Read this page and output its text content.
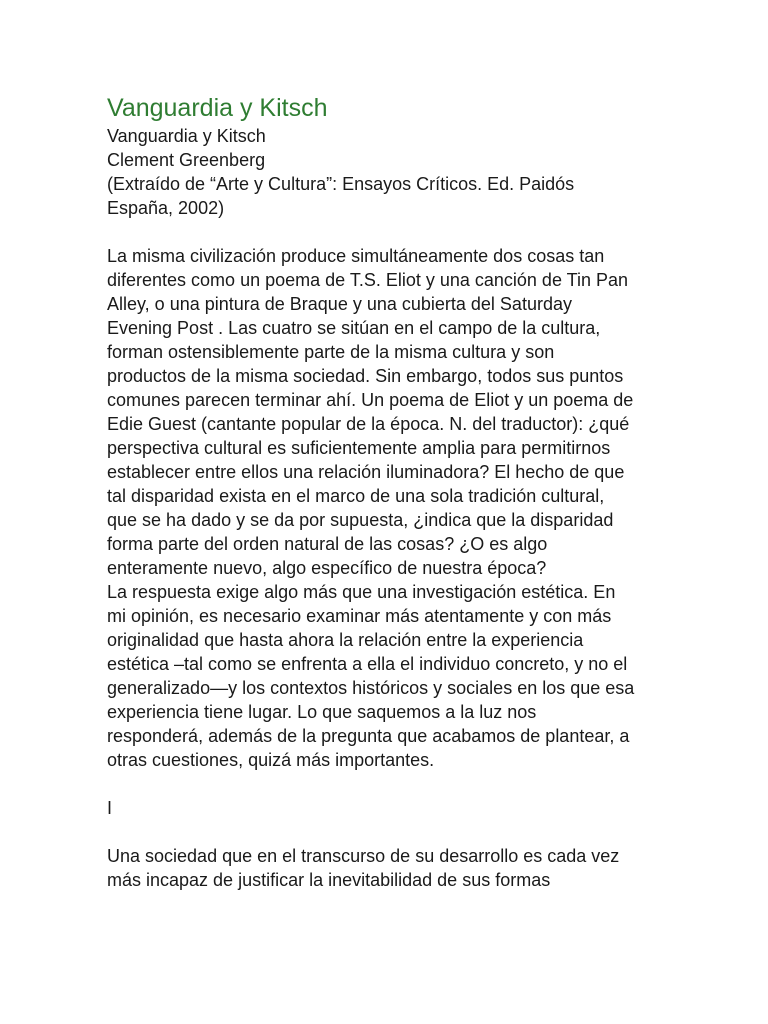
Vanguardia y Kitsch

Vanguardia y Kitsch

Clement Greenberg

(Extraído de “Arte y Cultura”: Ensayos Críticos. Ed. Paidós

España, 2002)

La misma civilización produce simultáneamente dos cosas tan

diferentes como un poema de T.S. Eliot y una canción de Tin Pan

Alley, o una pintura de Braque y una cubierta del Saturday

Evening Post . Las cuatro se sitúan en el campo de la cultura,

forman ostensiblemente parte de la misma cultura y son

productos de la misma sociedad. Sin embargo, todos sus puntos

comunes parecen terminar ahí. Un poema de Eliot y un poema de

Edie Guest (cantante popular de la época. N. del traductor): ¿qué

perspectiva cultural es suficientemente amplia para permitirnos

establecer entre ellos una relación iluminadora? El hecho de que

tal disparidad exista en el marco de una sola tradición cultural,

que se ha dado y se da por supuesta, ¿indica que la disparidad

forma parte del orden natural de las cosas? ¿O es algo

enteramente nuevo, algo específico de nuestra época?

La respuesta exige algo más que una investigación estética. En

mi opinión, es necesario examinar más atentamente y con más

originalidad que hasta ahora la relación entre la experiencia

estética –tal como se enfrenta a ella el individuo concreto, y no el

generalizado—y los contextos históricos y sociales en los que esa

experiencia tiene lugar. Lo que saquemos a la luz nos

responderá, además de la pregunta que acabamos de plantear, a

otras cuestiones, quizá más importantes.

I

Una sociedad que en el transcurso de su desarrollo es cada vez

más incapaz de justificar la inevitabilidad de sus formas
